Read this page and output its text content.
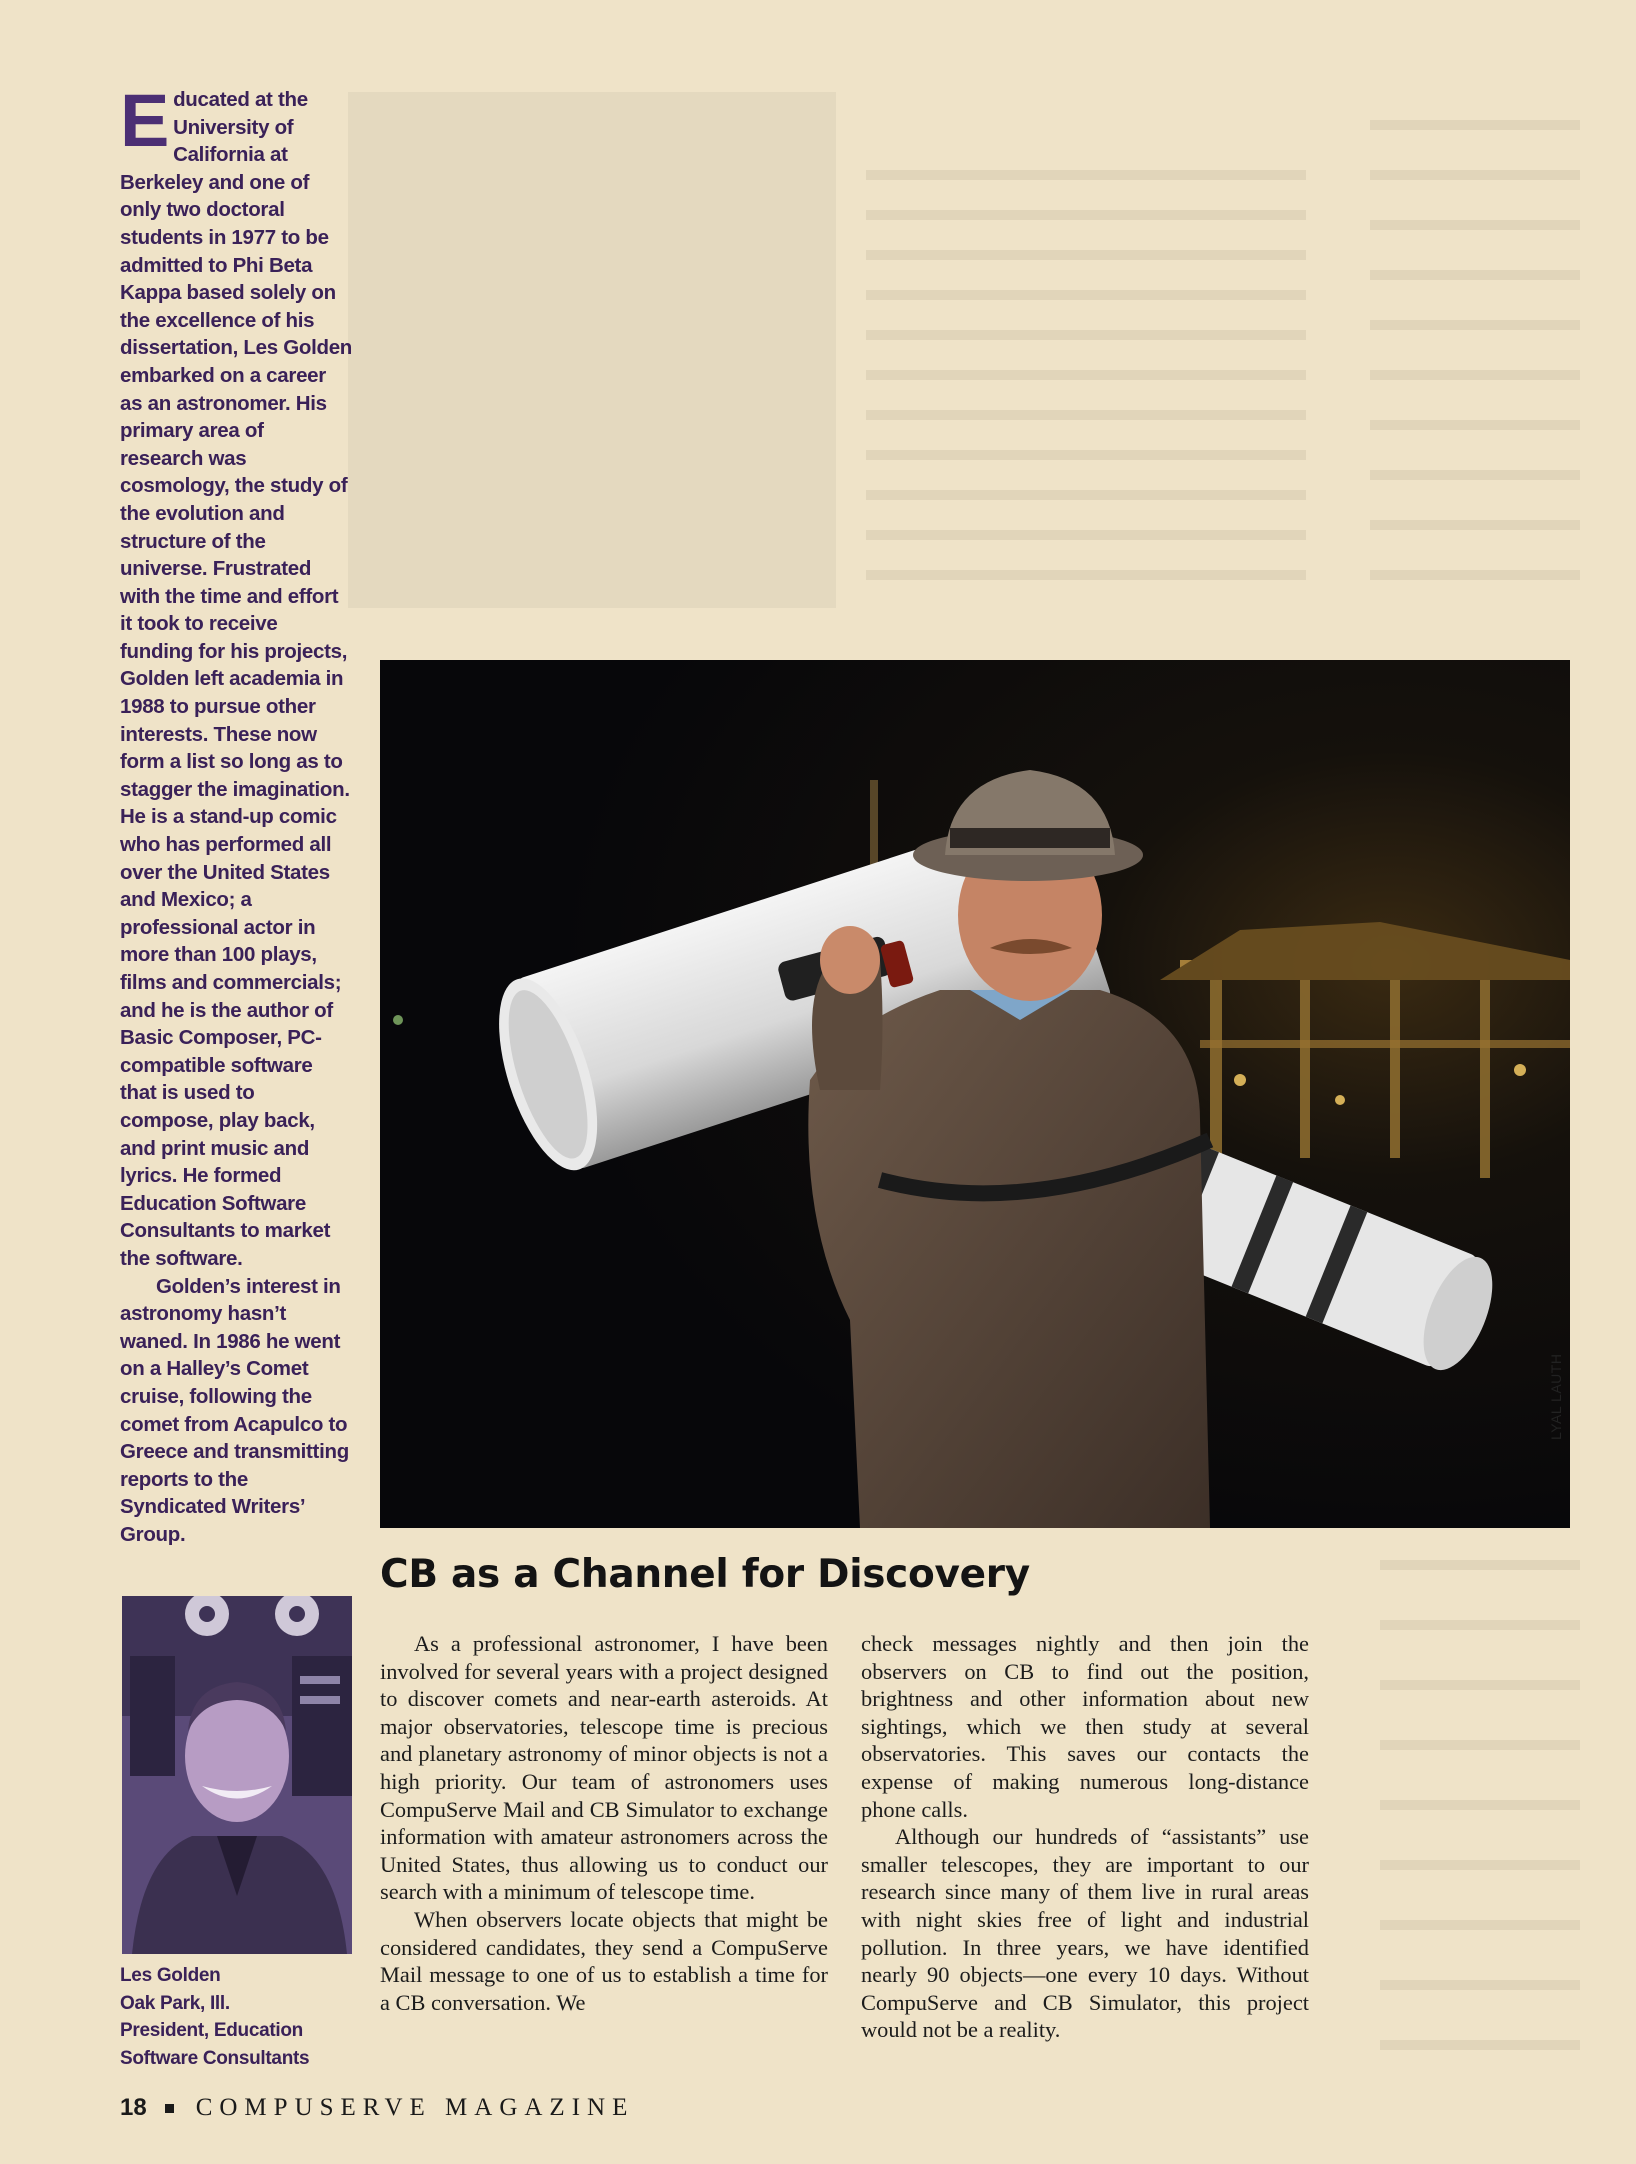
Educated at the University of California at Berkeley and one of only two doctoral students in 1977 to be admitted to Phi Beta Kappa based solely on the excellence of his dissertation, Les Golden embarked on a career as an astronomer. His primary area of research was cosmology, the study of the evolution and structure of the universe. Frustrated with the time and effort it took to receive funding for his projects, Golden left academia in 1988 to pursue other interests. These now form a list so long as to stagger the imagination. He is a stand-up comic who has performed all over the United States and Mexico; a professional actor in more than 100 plays, films and commercials; and he is the author of Basic Composer, PC-compatible software that is used to compose, play back, and print music and lyrics. He formed Education Software Consultants to market the software.

Golden’s interest in astronomy hasn’t waned. In 1986 he went on a Halley’s Comet cruise, following the comet from Acapulco to Greece and transmitting reports to the Syndicated Writers’ Group.

LYAL LAUTH
Les Golden
Oak Park, Ill.
President, Education
Software Consultants
CB as a Channel for Discovery

As a professional astronomer, I have been involved for several years with a project designed to discover comets and near-earth asteroids. At major observatories, telescope time is precious and planetary astronomy of minor objects is not a high priority. Our team of astronomers uses CompuServe Mail and CB Simulator to exchange information with amateur astronomers across the United States, thus allowing us to conduct our search with a minimum of telescope time.

When observers locate objects that might be considered candidates, they send a CompuServe Mail message to one of us to establish a time for a CB conversation. We

check messages nightly and then join the observers on CB to find out the position, brightness and other information about new sightings, which we then study at several observatories. This saves our contacts the expense of making numerous long-distance phone calls.

Although our hundreds of “assistants” use smaller telescopes, they are important to our research since many of them live in rural areas with night skies free of light and industrial pollution. In three years, we have identified nearly 90 objects—one every 10 days. Without CompuServe and CB Simulator, this project would not be a reality.

18 COMPUSERVE MAGAZINE
